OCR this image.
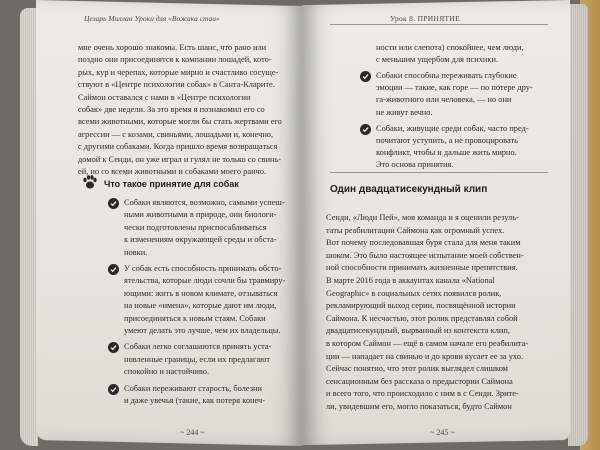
Цезарь Миллан Уроки для «Вожака стаи»
Что такое принятие для собак
~ 244 ~
Урок 8. ПРИНЯТИЕ
Один двадцатисекундный клип
~ 245 ~
мне очень хорошо знакомы. Есть шанс, что рано или
поздно они присоединятся к компании лошадей, кото-
рых, кур и черепах, которые мирно и счастливо сосуще-
ствуют в «Центре психологии собак» в Санта-Кларите.
Саймон оставался с нами в «Центре психологии
собак» две недели. За это время я познакомил его со
всеми животными, которые могли бы стать жертвами его
агрессии — с козами, свиньями, лошадьми и, конечно,
с другими собаками. Когда пришло время возвращаться
домой к Сенди, он уже играл и гулял не только со свинь-
ей, но со всеми животными и собаками моего ранчо.
Собаки являются, возможно, самыми успеш-
ными животными в природе, они биологи-
чески подготовлены приспосабливаться
к изменениям окружающей среды и обста-
новки.
У собак есть способность принимать обсто-
ятельства, которые люди сочли бы травмиру-
ющими: жить в новом климате, отзываться
на новые «имена», которые дают им люди,
присоединяться к новым стаям. Собаки
умеют делать это лучше, чем их владельцы.
Собаки легко соглашаются принять уста-
новленные границы, если их предлагают
спокойно и настойчиво.
Собаки переживают старость, болезни
и даже увечья (такие, как потеря конеч-
ности или слепота) спокойнее, чем люди,
с меньшим ущербом для психики.
Собаки способны переживать глубокие
эмоции — такие, как горе — по потере дру-
га-животного или человека, — но они
не живут вечно.
Собаки, живущие среди собак, часто пред-
почитают уступить, а не провоцировать
конфликт, чтобы и дальше жить мирно.
Это основа принятия.
Сенди, «Люди Пей», моя команда и я оценили резуль-
таты реабилитации Саймона как огромный успех.
Вот почему последовавшая буря стала для меня таким
шоком. Это было настоящее испытание моей собствен-
ной способности принимать жизненные препятствия.
В марте 2016 года в аккаунтах канала «National
Geographic» в социальных сетях появился ролик,
рекламирующий выход серии, посвящённой истории
Саймона. К несчастью, этот ролик представлял собой
двадцатисекундный, вырванный из контекста клип,
в котором Саймон — ещё в самом начале его реабилита-
ции — нападает на свинью и до крови кусает ее за ухо.
Сейчас понятно, что этот ролик выглядел слишком
сенсационным без рассказа о предыстории Саймона
и всего того, что происходило с ним в с Сенди. Зрите-
ли, увидевшим его, могло показаться, будто Саймон
